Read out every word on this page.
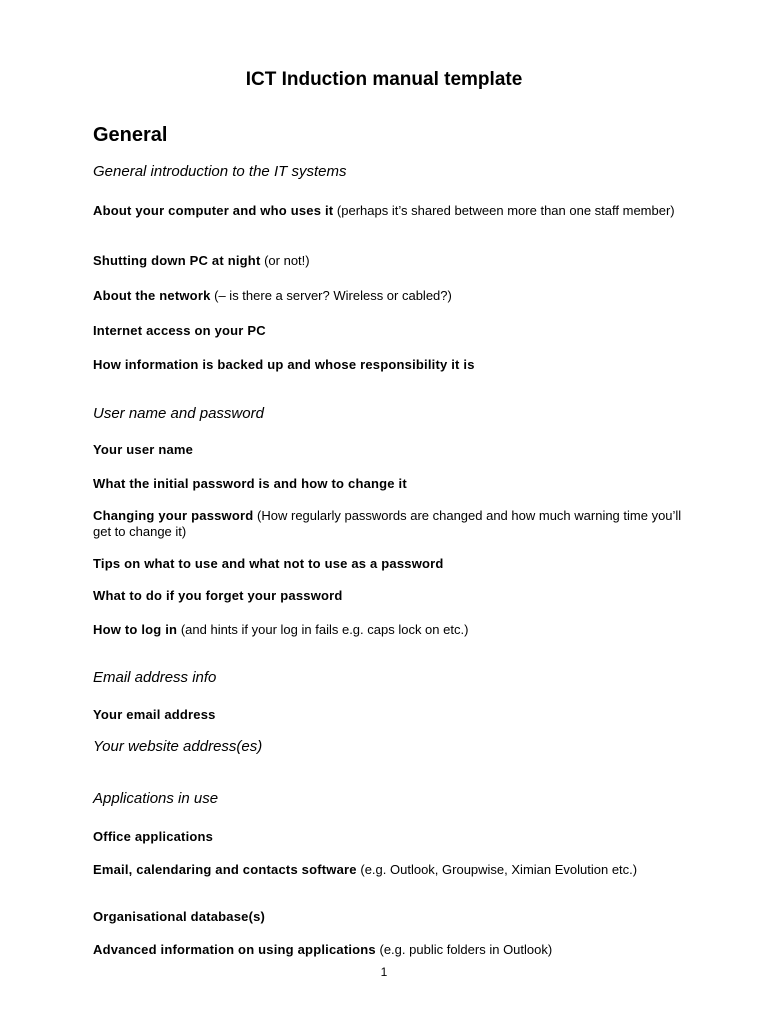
ICT Induction manual template
General
General introduction to the IT systems
About your computer and who uses it (perhaps it’s shared between more than one staff member)
Shutting down PC at night (or not!)
About the network (– is there a server? Wireless or cabled?)
Internet access on your PC
How information is backed up and whose responsibility it is
User name and password
Your user name
What the initial password is and how to change it
Changing your password (How regularly passwords are changed and how much warning time you’ll get to change it)
Tips on what to use and what not to use as a password
What to do if you forget your password
How to log in (and hints if your log in fails e.g. caps lock on etc.)
Email address info
Your email address
Your website address(es)
Applications in use
Office applications
Email, calendaring and contacts software (e.g. Outlook, Groupwise, Ximian Evolution etc.)
Organisational database(s)
Advanced information on using applications (e.g. public folders in Outlook)
1
